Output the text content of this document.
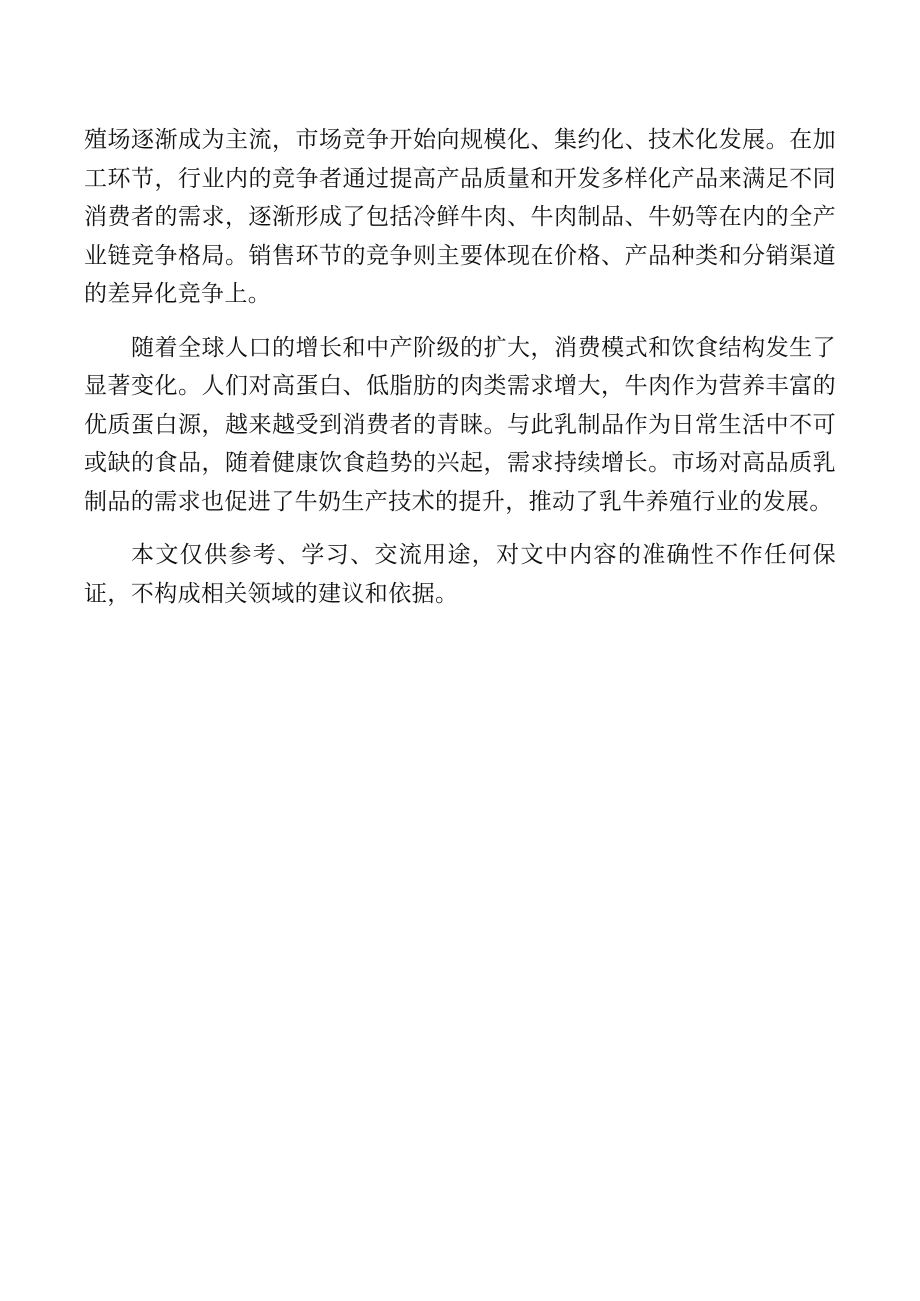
殖场逐渐成为主流，市场竞争开始向规模化、集约化、技术化发展。在加工环节，行业内的竞争者通过提高产品质量和开发多样化产品来满足不同消费者的需求，逐渐形成了包括冷鲜牛肉、牛肉制品、牛奶等在内的全产业链竞争格局。销售环节的竞争则主要体现在价格、产品种类和分销渠道的差异化竞争上。

随着全球人口的增长和中产阶级的扩大，消费模式和饮食结构发生了显著变化。人们对高蛋白、低脂肪的肉类需求增大，牛肉作为营养丰富的优质蛋白源，越来越受到消费者的青睐。与此乳制品作为日常生活中不可或缺的食品，随着健康饮食趋势的兴起，需求持续增长。市场对高品质乳制品的需求也促进了牛奶生产技术的提升，推动了乳牛养殖行业的发展。

本文仅供参考、学习、交流用途，对文中内容的准确性不作任何保证，不构成相关领域的建议和依据。
